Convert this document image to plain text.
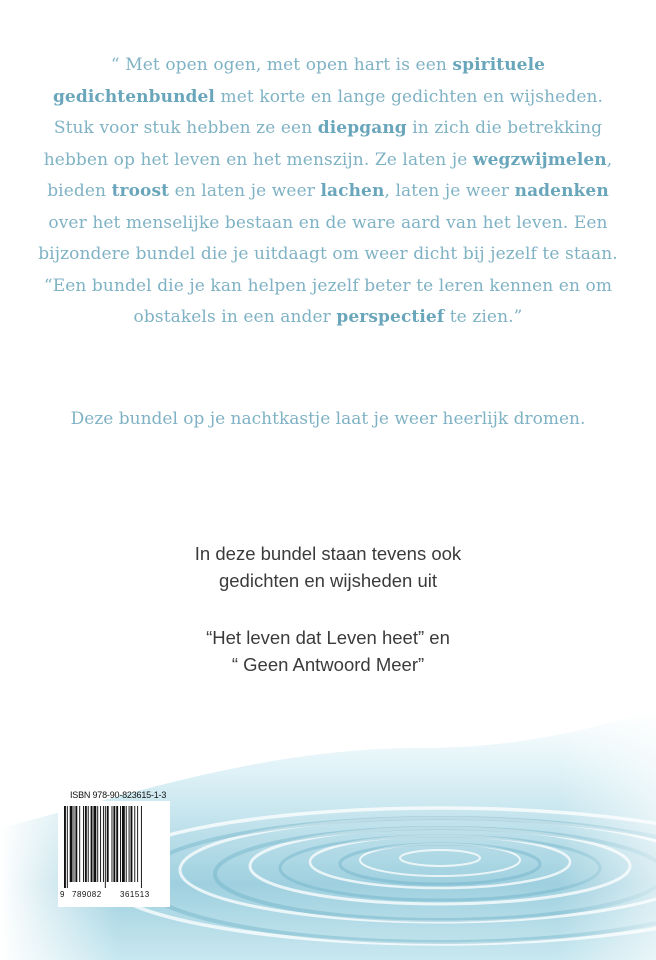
“ Met open ogen, met open hart is een spirituele gedichtenbundel met korte en lange gedichten en wijsheden. Stuk voor stuk hebben ze een diepgang in zich die betrekking hebben op het leven en het menszijn. Ze laten je wegzwijmelen, bieden troost en laten je weer lachen, laten je weer nadenken over het menselijke bestaan en de ware aard van het leven. Een bijzondere bundel die je uitdaagt om weer dicht bij jezelf te staan. “Een bundel die je kan helpen jezelf beter te leren kennen en om obstakels in een ander perspectief te zien.”
Deze bundel op je nachtkastje laat je weer heerlijk dromen.
In deze bundel staan tevens ook
gedichten en wijsheden uit
“Het leven dat Leven heet” en
“ Geen Antwoord Meer”
ISBN 978-90-823615-1-3
9 789082 361513
